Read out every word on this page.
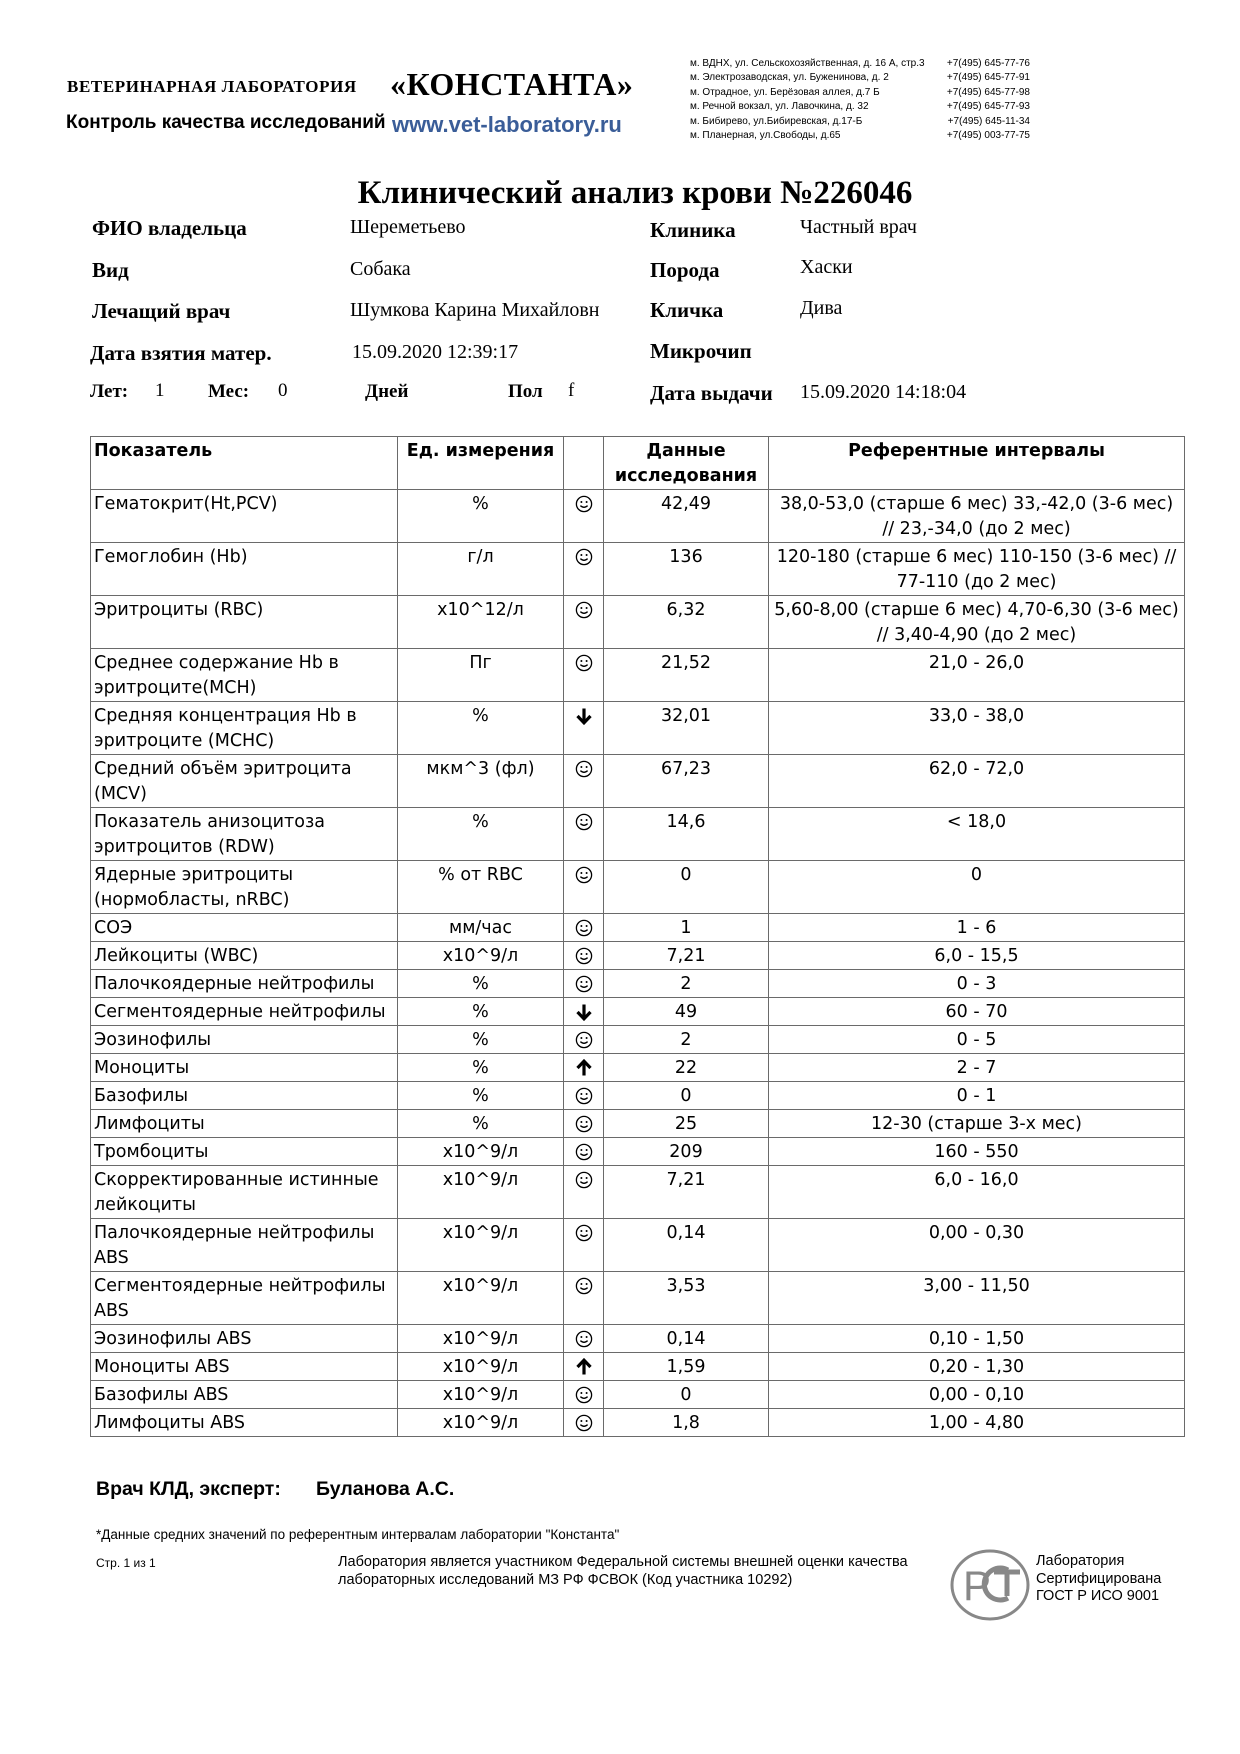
ВЕТЕРИНАРНАЯ ЛАБОРАТОРИЯ «КОНСТАНТА»
Контроль качества исследований www.vet-laboratory.ru
м. ВДНХ, ул. Сельскохозяйственная, д. 16 А, стр.3 +7(495) 645-77-76
м. Электрозаводская, ул. Буженинова, д. 2	+7(495) 645-77-91
м. Отрадное, ул. Берёзовая аллея, д.7 Б	+7(495) 645-77-98
м. Речной вокзал, ул. Лавочкина, д. 32	+7(495) 645-77-93
м. Бибирево, ул.Бибиревская, д.17-Б	+7(495) 645-11-34
м. Планерная, ул.Свободы, д.65	+7(495) 003-77-75
Клинический анализ крови №226046
ФИО владельца	Шереметьево
Вид	Собака
Лечащий врач	Шумкова Карина Михайловн
Дата взятия матер.	15.09.2020 12:39:17
Лет: 1 Мес: 0	Дней	Пол f
Клиника	Частный врач
Порода	Хаски
Кличка	Дива
Микрочип
Дата выдачи 15.09.2020 14:18:04
Показатель	Ед. измерения		Данные исследования	Референтные интервалы
Гематокрит(Ht,PCV)	%		42,49	38,0-53,0 (старше 6 мес) 33,-42,0 (3-6 мес) // 23,-34,0 (до 2 мес)
Гемоглобин (Hb)	г/л		136	120-180 (старше 6 мес) 110-150 (3-6 мес) // 77-110 (до 2 мес)
Эритроциты (RBC)	x10^12/л		6,32	5,60-8,00 (старше 6 мес) 4,70-6,30 (3-6 мес) // 3,40-4,90 (до 2 мес)
Среднее содержание Hb в эритроците(MCH)	Пг		21,52	21,0 - 26,0
Средняя концентрация Hb в эритроците (MCHC)	%		32,01	33,0 - 38,0
Средний объём эритроцита (MCV)	мкм^3 (фл)		67,23	62,0 - 72,0
Показатель анизоцитоза эритроцитов (RDW)	%		14,6	< 18,0
Ядерные эритроциты (нормобласты, nRBC)	% от RBC		0	0
СОЭ	мм/час		1	1 - 6
Лейкоциты (WBC)	x10^9/л		7,21	6,0 - 15,5
Палочкоядерные нейтрофилы	%		2	0 - 3
Сегментоядерные нейтрофилы	%		49	60 - 70
Эозинофилы	%		2	0 - 5
Моноциты	%		22	2 - 7
Базофилы	%		0	0 - 1
Лимфоциты	%		25	12-30 (старше 3-х мес)
Тромбоциты	x10^9/л		209	160 - 550
Скорректированные истинные лейкоциты	x10^9/л		7,21	6,0 - 16,0
Палочкоядерные нейтрофилы ABS	x10^9/л		0,14	0,00 - 0,30
Сегментоядерные нейтрофилы ABS	x10^9/л		3,53	3,00 - 11,50
Эозинофилы ABS	x10^9/л		0,14	0,10 - 1,50
Моноциты ABS	x10^9/л		1,59	0,20 - 1,30
Базофилы ABS	x10^9/л		0	0,00 - 0,10
Лимфоциты ABS	x10^9/л		1,8	1,00 - 4,80
Врач КЛД, эксперт: Буланова А.С.
*Данные средних значений по референтным интервалам лаборатории "Константа"
Стр. 1 из 1	Лаборатория является участником Федеральной системы внешней оценки качества лабораторных исследований МЗ РФ ФСВОК (Код участника 10292)	P
Лаборатория
Сертифицирована
ГОСТ Р ИСО 9001
